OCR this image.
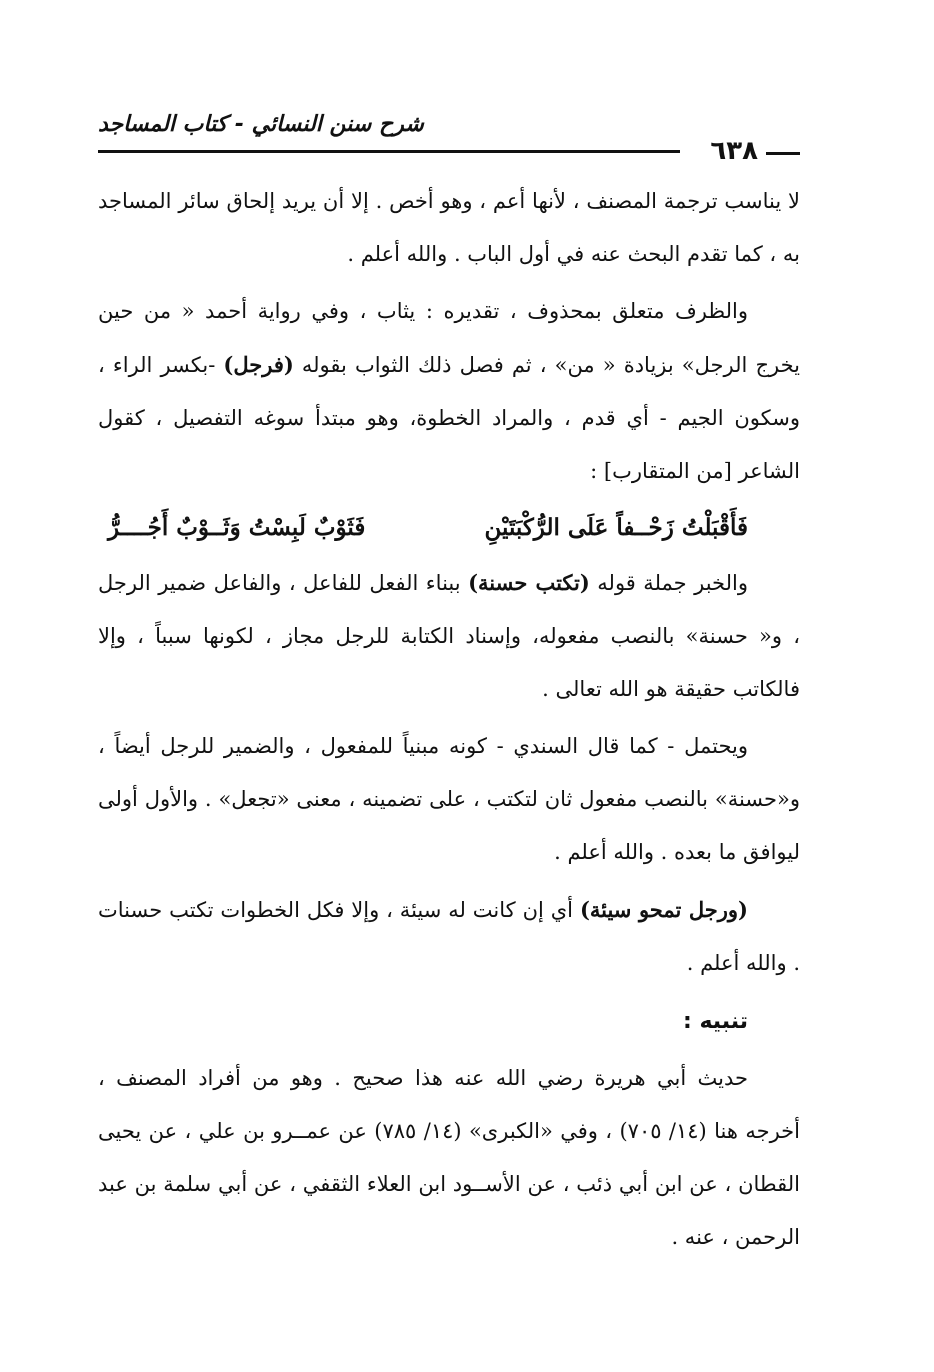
شرح سنن النسائي - كتاب المساجد
٦٣٨

لا يناسب ترجمة المصنف ، لأنها أعم ، وهو أخص . إلا أن يريد إلحاق سائر المساجد به ، كما تقدم البحث عنه في أول الباب . والله أعلم .

والظرف متعلق بمحذوف ، تقديره : يثاب ، وفي رواية أحمد « من حين يخرج الرجل» بزيادة « من» ، ثم فصل ذلك الثواب بقوله (فرجل) -بكسر الراء ، وسكون الجيم - أي قدم ، والمراد الخطوة، وهو مبتدأ سوغه التفصيل ، كقول الشاعر [من المتقارب] :

فَأَقْبَلْتُ زَحْــفاً عَلَى الرُّكْبَتَيْنِ
فَثَوْبٌ لَبِسْتُ وَثَــوْبٌ أَجُــــرُّ

والخبر جملة قوله (تكتب حسنة) ببناء الفعل للفاعل ، والفاعل ضمير الرجل ، و« حسنة» بالنصب مفعوله، وإسناد الكتابة للرجل مجاز ، لكونها سبباً ، وإلا فالكاتب حقيقة هو الله تعالى .

ويحتمل - كما قال السندي - كونه مبنياً للمفعول ، والضمير للرجل أيضاً ، و«حسنة» بالنصب مفعول ثان لتكتب ، على تضمينه ، معنى «تجعل» . والأول أولى ليوافق ما بعده . والله أعلم .

(ورجل تمحو سيئة) أي إن كانت له سيئة ، وإلا فكل الخطوات تكتب حسنات . والله أعلم .

تنبيه :

حديث أبي هريرة رضي الله عنه هذا صحيح . وهو من أفراد المصنف ، أخرجه هنا (١٤/ ٧٠٥) ، وفي «الكبرى» (١٤/ ٧٨٥) عن عمــرو بن علي ، عن يحيى القطان ، عن ابن أبي ذئب ، عن الأســود ابن العلاء الثقفي ، عن أبي سلمة بن عبد الرحمن ، عنه .
